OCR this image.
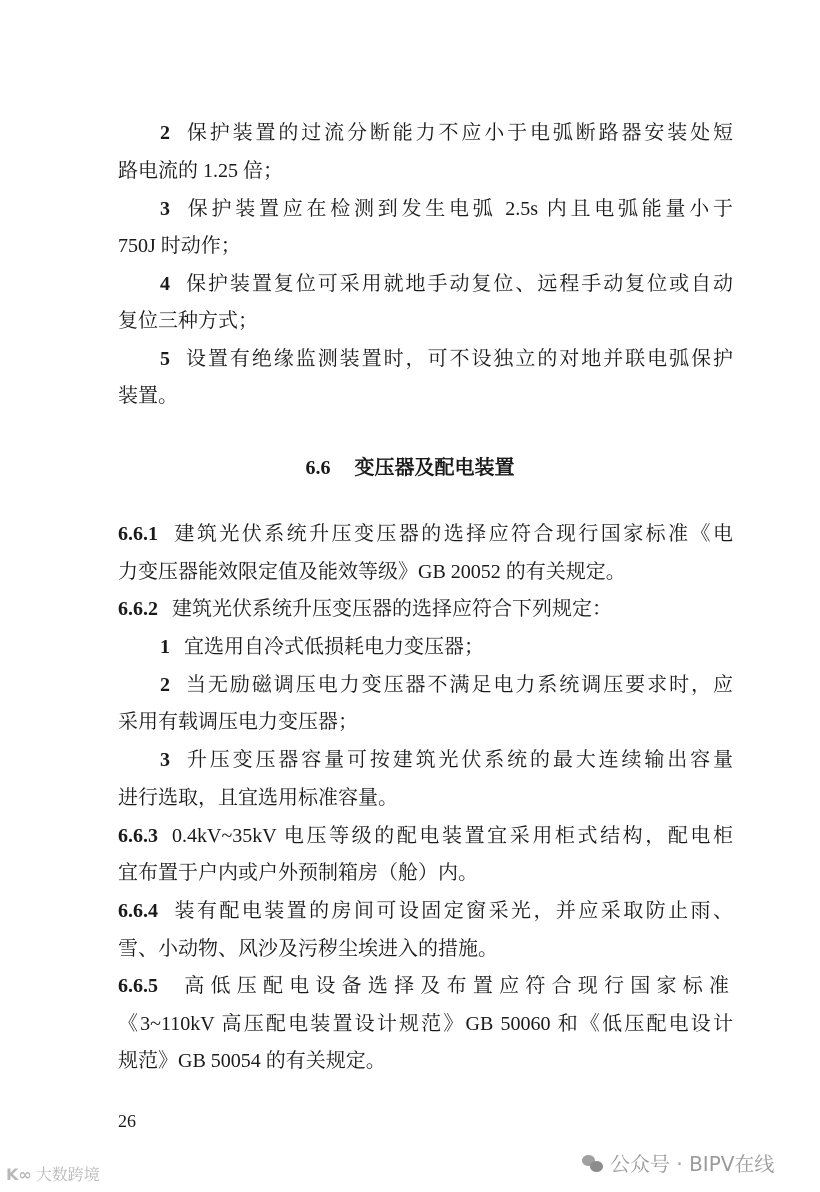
2 保护装置的过流分断能力不应小于电弧断路器安装处短
路电流的 1.25 倍；
3 保护装置应在检测到发生电弧 2.5s 内且电弧能量小于
750J 时动作；
4 保护装置复位可采用就地手动复位、远程手动复位或自动
复位三种方式；
5 设置有绝缘监测装置时，可不设独立的对地并联电弧保护
装置。
6.6 变压器及配电装置
6.6.1 建筑光伏系统升压变压器的选择应符合现行国家标准《电
力变压器能效限定值及能效等级》GB 20052 的有关规定。
6.6.2 建筑光伏系统升压变压器的选择应符合下列规定：
1 宜选用自冷式低损耗电力变压器；
2 当无励磁调压电力变压器不满足电力系统调压要求时，应
采用有载调压电力变压器；
3 升压变压器容量可按建筑光伏系统的最大连续输出容量
进行选取，且宜选用标准容量。
6.6.3 0.4kV~35kV 电压等级的配电装置宜采用柜式结构，配电柜
宜布置于户内或户外预制箱房（舱）内。
6.6.4 装有配电装置的房间可设固定窗采光，并应采取防止雨、
雪、小动物、风沙及污秽尘埃进入的措施。
6.6.5 高低压配电设备选择及布置应符合现行国家标准
《3~110kV 高压配电装置设计规范》GB 50060 和《低压配电设计
规范》GB 50054 的有关规定。
26
公众号 · BIPV在线
K∞ 大数跨境
